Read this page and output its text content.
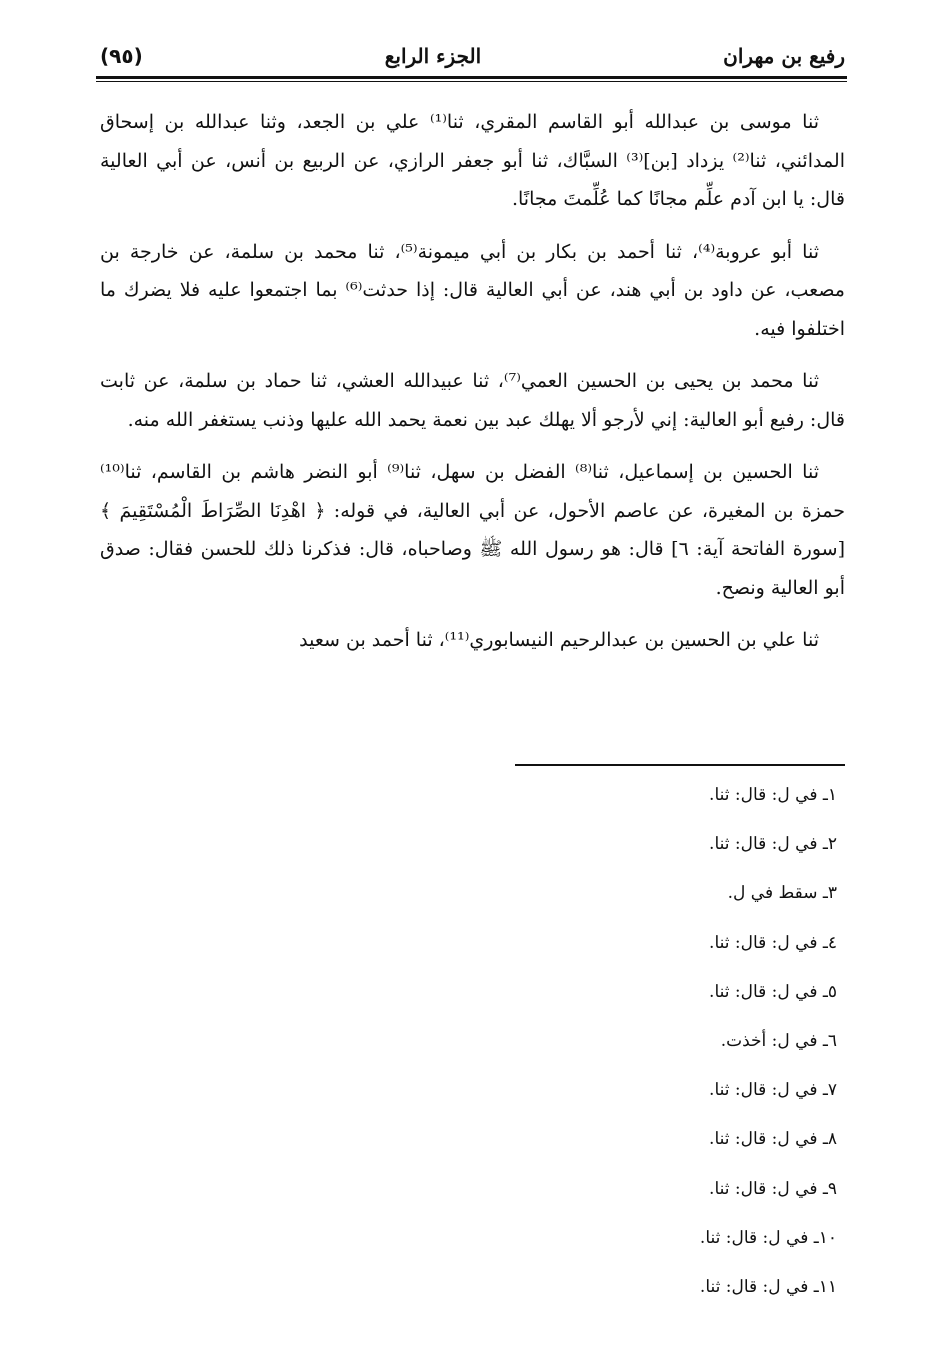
رفيع بن مهران
الجزء الرابع
(٩٥)

ثنا موسى بن عبدالله أبو القاسم المقري، ثنا⁽¹⁾ علي بن الجعد، وثنا عبدالله بن إسحاق المدائني، ثنا⁽²⁾ يزداد [بن]⁽³⁾ السبَّاك، ثنا أبو جعفر الرازي، عن الربيع بن أنس، عن أبي العالية قال: يا ابن آدم علِّم مجانًا كما عُلِّمتَ مجانًا.

ثنا أبو عروبة⁽⁴⁾، ثنا أحمد بن بكار بن أبي ميمونة⁽⁵⁾، ثنا محمد بن سلمة، عن خارجة بن مصعب، عن داود بن أبي هند، عن أبي العالية قال: إذا حدثت⁽⁶⁾ بما اجتمعوا عليه فلا يضرك ما اختلفوا فيه.

ثنا محمد بن يحيى بن الحسين العمي⁽⁷⁾، ثنا عبيدالله العشي، ثنا حماد بن سلمة، عن ثابت قال: رفيع أبو العالية: إني لأرجو ألا يهلك عبد بين نعمة يحمد الله عليها وذنب يستغفر الله منه.

ثنا الحسين بن إسماعيل، ثنا⁽⁸⁾ الفضل بن سهل، ثنا⁽⁹⁾ أبو النضر هاشم بن القاسم، ثنا⁽¹⁰⁾ حمزة بن المغيرة، عن عاصم الأحول، عن أبي العالية، في قوله: ﴿ اهْدِنَا الصِّرَاطَ الْمُسْتَقِيمَ ﴾ [سورة الفاتحة آية: ٦] قال: هو رسول الله ﷺ وصاحباه، قال: فذكرنا ذلك للحسن فقال: صدق أبو العالية ونصح.

ثنا علي بن الحسين بن عبدالرحيم النيسابوري⁽¹¹⁾، ثنا أحمد بن سعيد

١ـ في ل: قال: ثنا.
٢ـ في ل: قال: ثنا.
٣ـ سقط في ل.
٤ـ في ل: قال: ثنا.
٥ـ في ل: قال: ثنا.
٦ـ في ل: أخذت.
٧ـ في ل: قال: ثنا.
٨ـ في ل: قال: ثنا.
٩ـ في ل: قال: ثنا.
١٠ـ في ل: قال: ثنا.
١١ـ في ل: قال: ثنا.
